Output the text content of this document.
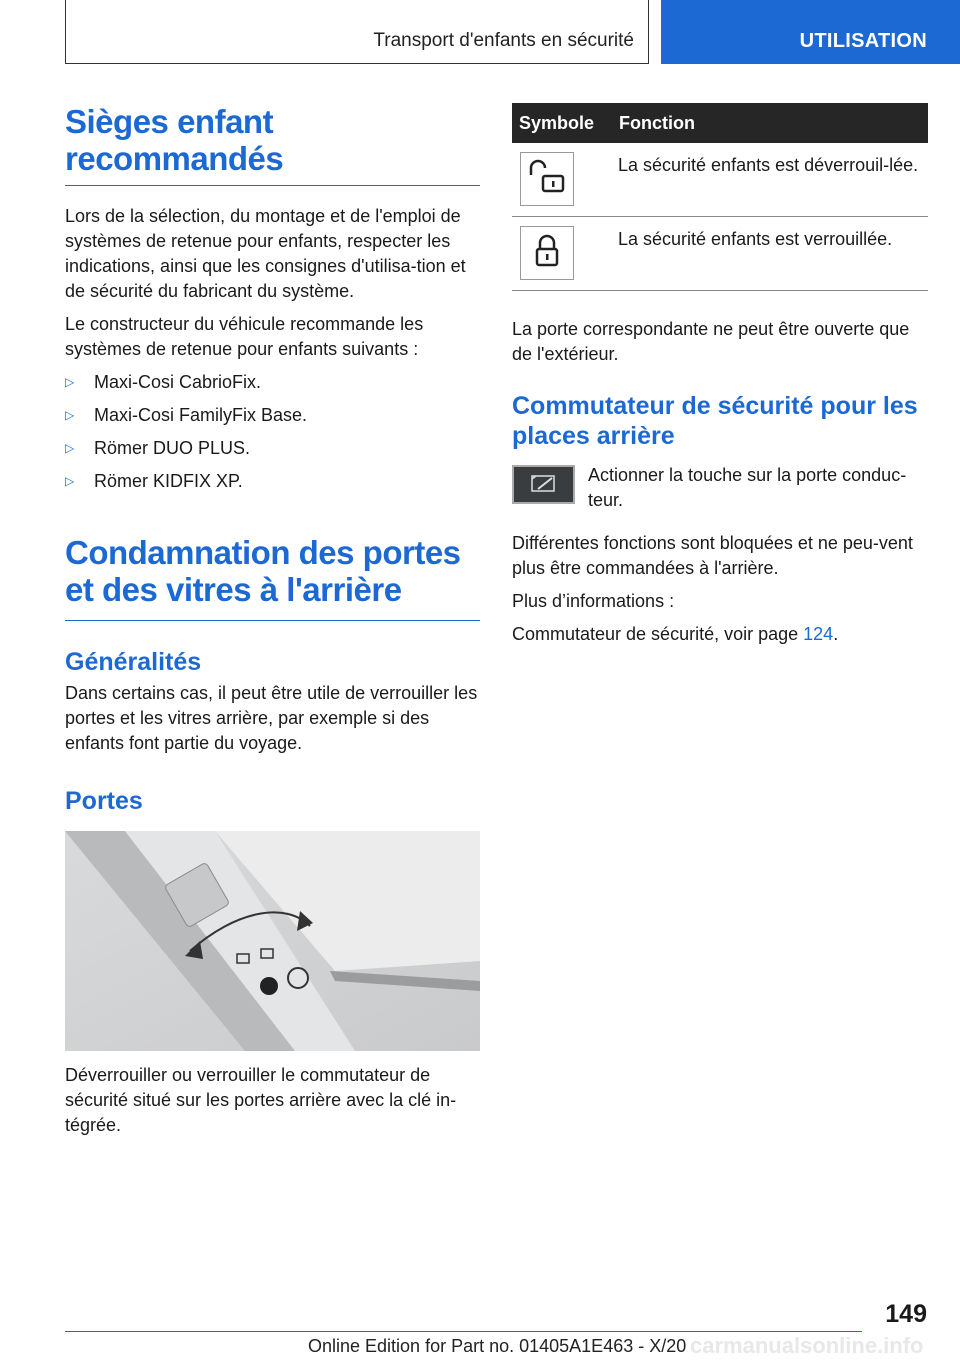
Transport d'enfants en sécurité	UTILISATION
Sièges enfant recommandés

Lors de la sélection, du montage et de l'emploi de systèmes de retenue pour enfants, respecter les indications, ainsi que les consignes d'utilisa-tion et de sécurité du fabricant du système.

Le constructeur du véhicule recommande les systèmes de retenue pour enfants suivants :

▷ Maxi-Cosi CabrioFix.
▷ Maxi-Cosi FamilyFix Base.
▷ Römer DUO PLUS.
▷ Römer KIDFIX XP.
Condamnation des portes et des vitres à l'arrière
Généralités

Dans certains cas, il peut être utile de verrouiller les portes et les vitres arrière, par exemple si des enfants font partie du voyage.

Portes

Déverrouiller ou verrouiller le commutateur de sécurité situé sur les portes arrière avec la clé in-tégrée.

Symbole	Fonction

	La sécurité enfants est déverrouil-lée.

	La sécurité enfants est verrouillée.

La porte correspondante ne peut être ouverte que de l'extérieur.

Commutateur de sécurité pour les places arrière

Actionner la touche sur la porte conduc-teur.

Différentes fonctions sont bloquées et ne peu-vent plus être commandées à l'arrière.

Plus d’informations :

Commutateur de sécurité, voir page 124.

149
Online Edition for Part no. 01405A1E463 - X/20 carmanualsonline.info
